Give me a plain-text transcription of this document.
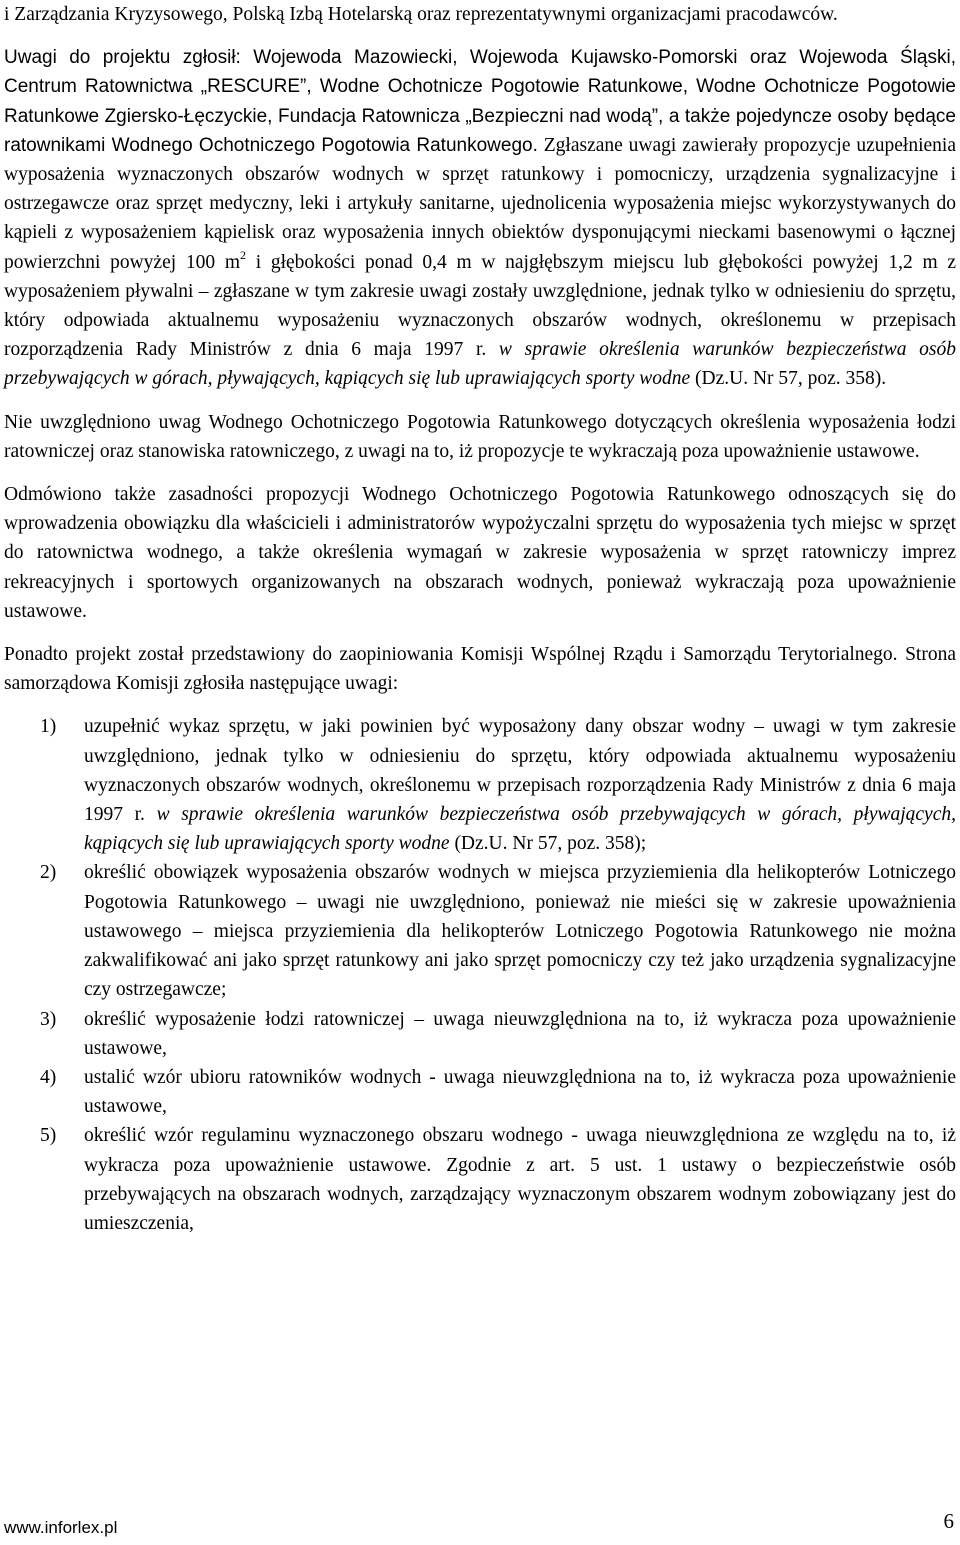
i Zarządzania Kryzysowego, Polską Izbą Hotelarską oraz reprezentatywnymi organizacjami pracodawców.

Uwagi do projektu zgłosił: Wojewoda Mazowiecki, Wojewoda Kujawsko-Pomorski oraz Wojewoda Śląski, Centrum Ratownictwa „RESCURE”, Wodne Ochotnicze Pogotowie Ratunkowe, Wodne Ochotnicze Pogotowie Ratunkowe Zgiersko-Łęczyckie, Fundacja Ratownicza „Bezpieczni nad wodą”, a także pojedyncze osoby będące ratownikami Wodnego Ochotniczego Pogotowia Ratunkowego. Zgłaszane uwagi zawierały propozycje uzupełnienia wyposażenia wyznaczonych obszarów wodnych w sprzęt ratunkowy i pomocniczy, urządzenia sygnalizacyjne i ostrzegawcze oraz sprzęt medyczny, leki i artykuły sanitarne, ujednolicenia wyposażenia miejsc wykorzystywanych do kąpieli z wyposażeniem kąpielisk oraz wyposażenia innych obiektów dysponującymi nieckami basenowymi o łącznej powierzchni powyżej 100 $m^2$ i głębokości ponad 0,4 m w najgłębszym miejscu lub głębokości powyżej 1,2 m z wyposażeniem pływalni – zgłaszane w tym zakresie uwagi zostały uwzględnione, jednak tylko w odniesieniu do sprzętu, który odpowiada aktualnemu wyposażeniu wyznaczonych obszarów wodnych, określonemu w przepisach rozporządzenia Rady Ministrów z dnia 6 maja 1997 r. w sprawie określenia warunków bezpieczeństwa osób przebywających w górach, pływających, kąpiących się lub uprawiających sporty wodne (Dz.U. Nr 57, poz. 358).

Nie uwzględniono uwag Wodnego Ochotniczego Pogotowia Ratunkowego dotyczących określenia wyposażenia łodzi ratowniczej oraz stanowiska ratowniczego, z uwagi na to, iż propozycje te wykraczają poza upoważnienie ustawowe.

Odmówiono także zasadności propozycji Wodnego Ochotniczego Pogotowia Ratunkowego odnoszących się do wprowadzenia obowiązku dla właścicieli i administratorów wypożyczalni sprzętu do wyposażenia tych miejsc w sprzęt do ratownictwa wodnego, a także określenia wymagań w zakresie wyposażenia w sprzęt ratowniczy imprez rekreacyjnych i sportowych organizowanych na obszarach wodnych, ponieważ wykraczają poza upoważnienie ustawowe.

Ponadto projekt został przedstawiony do zaopiniowania Komisji Wspólnej Rządu i Samorządu Terytorialnego. Strona samorządowa Komisji zgłosiła następujące uwagi:

1) uzupełnić wykaz sprzętu, w jaki powinien być wyposażony dany obszar wodny – uwagi w tym zakresie uwzględniono, jednak tylko w odniesieniu do sprzętu, który odpowiada aktualnemu wyposażeniu wyznaczonych obszarów wodnych, określonemu w przepisach rozporządzenia Rady Ministrów z dnia 6 maja 1997 r. w sprawie określenia warunków bezpieczeństwa osób przebywających w górach, pływających, kąpiących się lub uprawiających sporty wodne (Dz.U. Nr 57, poz. 358);
2) określić obowiązek wyposażenia obszarów wodnych w miejsca przyziemienia dla helikopterów Lotniczego Pogotowia Ratunkowego – uwagi nie uwzględniono, ponieważ nie mieści się w zakresie upoważnienia ustawowego – miejsca przyziemienia dla helikopterów Lotniczego Pogotowia Ratunkowego nie można zakwalifikować ani jako sprzęt ratunkowy ani jako sprzęt pomocniczy czy też jako urządzenia sygnalizacyjne czy ostrzegawcze;
3) określić wyposażenie łodzi ratowniczej – uwaga nieuwzględniona na to, iż wykracza poza upoważnienie ustawowe,
4) ustalić wzór ubioru ratowników wodnych - uwaga nieuwzględniona na to, iż wykracza poza upoważnienie ustawowe,
5) określić wzór regulaminu wyznaczonego obszaru wodnego - uwaga nieuwzględniona ze względu na to, iż wykracza poza upoważnienie ustawowe. Zgodnie z art. 5 ust. 1 ustawy o bezpieczeństwie osób przebywających na obszarach wodnych, zarządzający wyznaczonym obszarem wodnym zobowiązany jest do umieszczenia,
www.inforlex.pl	6
